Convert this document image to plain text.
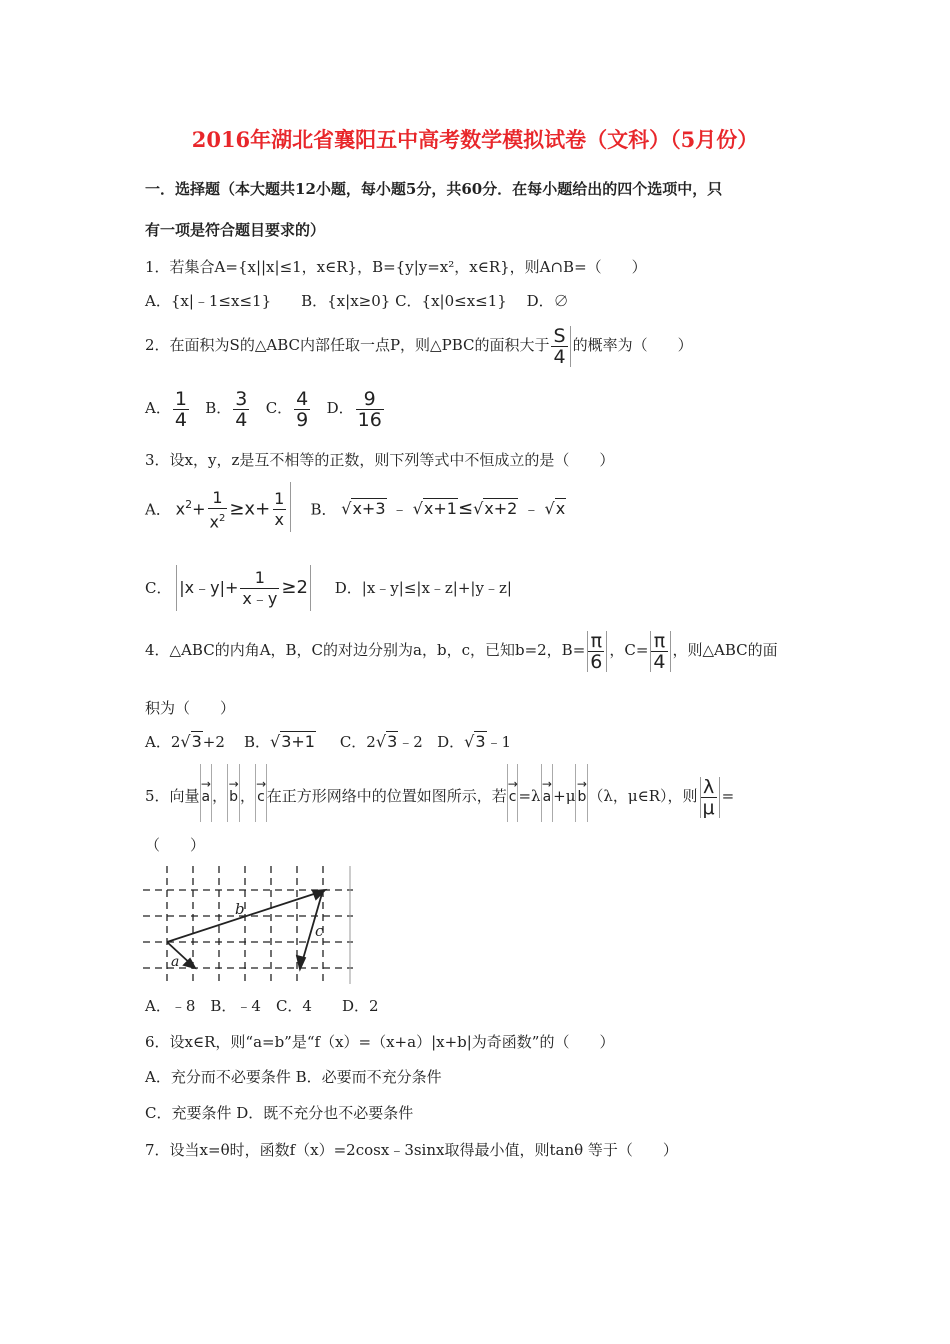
2016年湖北省襄阳五中高考数学模拟试卷（文科）（5月份）
一．选择题（本大题共12小题，每小题5分，共60分．在每小题给出的四个选项中，只
有一项是符合题目要求的）
1．若集合A={x||x|≤1，x∈R}，B={y|y=x²，x∈R}，则A∩B=（　　）
A．{x|﹣1≤x≤1}　　B．{x|x≥0} C．{x|0≤x≤1}　 D．∅
2．在面积为S的△ABC内部任取一点P，则△PBC的面积大于 $\frac{S}{4}$ 的概率为（　　）
A． $\frac{1}{4}$ B． $\frac{3}{4}$ C． $\frac{4}{9}$ D． $\frac{9}{16}$
3．设x，y，z是互不相等的正数，则下列等式中不恒成立的是（　　）
A． $x^2+ \frac{1}{x^2} \ge x+ \frac{1}{x}$ B． √x+3 ﹣ √x+1≤√x+2 ﹣ √x
C． |x﹣y|+ $\frac{1}{x﹣y} \ge 2$ D．|x﹣y|≤|x﹣z|+|y﹣z|
4．△ABC的内角A，B，C的对边分别为a，b，c，已知b=2，$B= \frac{\pi}{6}$ ，$C= \frac{\pi}{4}$ ，则△ABC的面
积为（　　）
A．2√3+2 B．√3+1 C．2√3﹣2 D．√3﹣1
5．向量 → a ， → b ， → c 在正方形网络中的位置如图所示，若 → c =λ → a +μ → b （λ，μ∈R），则 $\frac{\lambda}{\mu}$ =
（　　）
b
c
a
A．﹣8　B．﹣4　C．4　　D．2
6．设x∈R，则“a=b”是“f（x）=（x+a）|x+b|为奇函数”的（　　）
A．充分而不必要条件 B．必要而不充分条件
C．充要条件 D．既不充分也不必要条件
7．设当x=θ时，函数f（x）=2cosx﹣3sinx取得最小值，则tanθ 等于（　　）
